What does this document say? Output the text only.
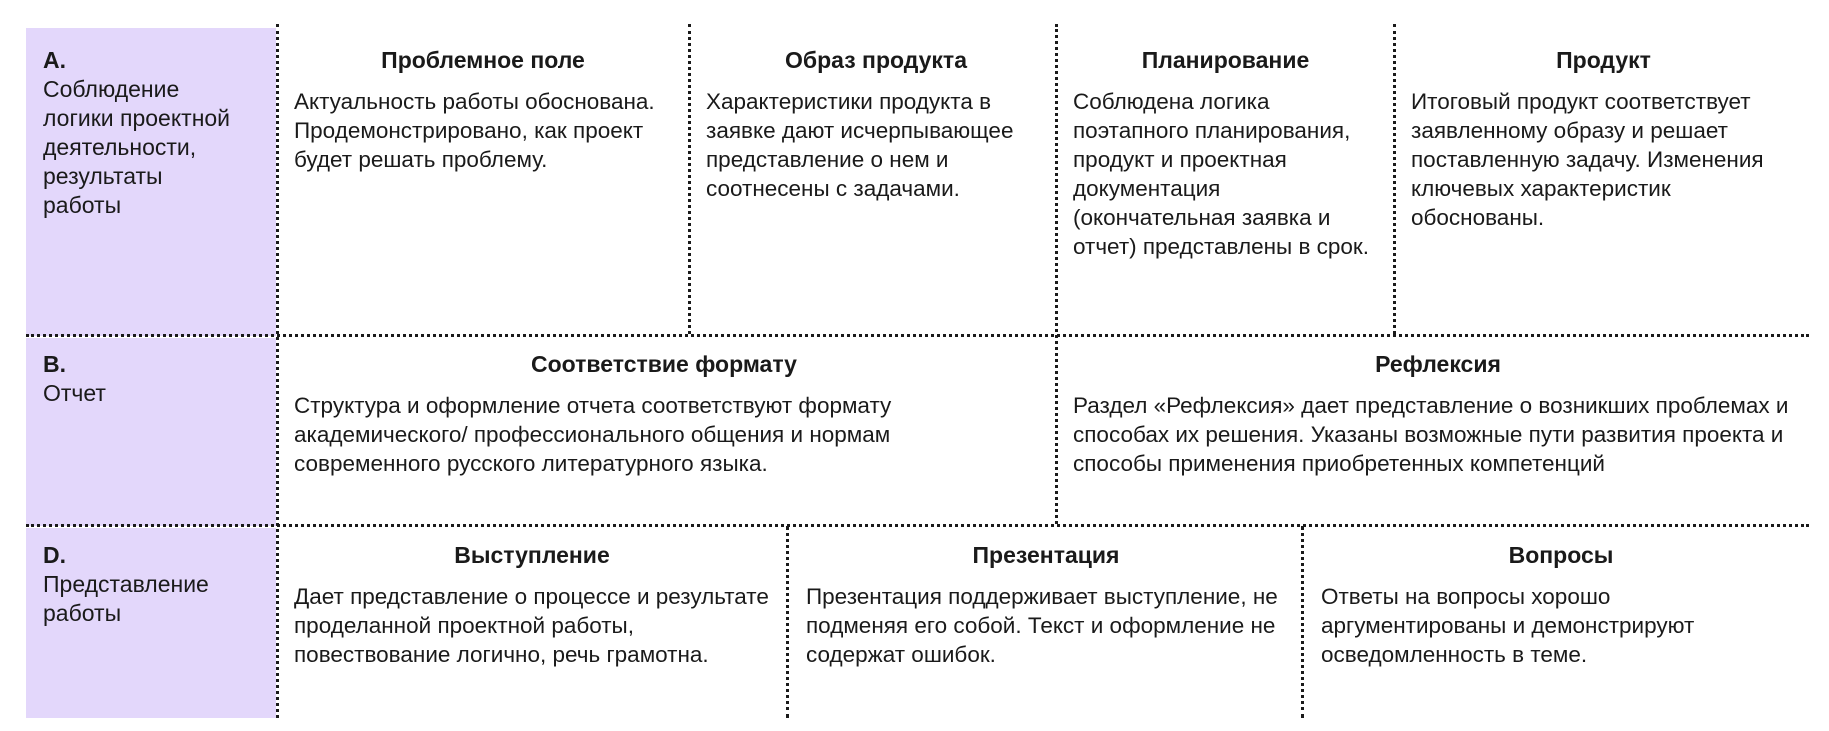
A.
Соблюдение логики проектной деятельности, результаты работы
Проблемное поле
Актуальность работы обоснована. Продемонстрировано, как проект будет решать проблему.
Образ продукта
Характеристики продукта в заявке дают исчерпывающее представление о нем и соотнесены с задачами.
Планирование
Соблюдена логика поэтапного планирования, продукт и проектная документация (окончательная заявка и отчет) представлены в срок.
Продукт
Итоговый продукт соответствует заявленному образу и решает поставленную задачу. Изменения ключевых характеристик обоснованы.
B.
Отчет
Соответствие формату
Структура и оформление отчета соответствуют формату академического/ профессионального общения и нормам современного русского литературного языка.
Рефлексия
Раздел «Рефлексия» дает представление о возникших проблемах и способах их решения. Указаны возможные пути развития проекта и способы применения приобретенных компетенций
D.
Представление работы
Выступление
Дает представление о процессе и результате проделанной проектной работы, повествование логично, речь грамотна.
Презентация
Презентация поддерживает выступление, не подменяя его собой. Текст и оформление не содержат ошибок.
Вопросы
Ответы на вопросы хорошо аргументированы и демонстрируют осведомленность в теме.
